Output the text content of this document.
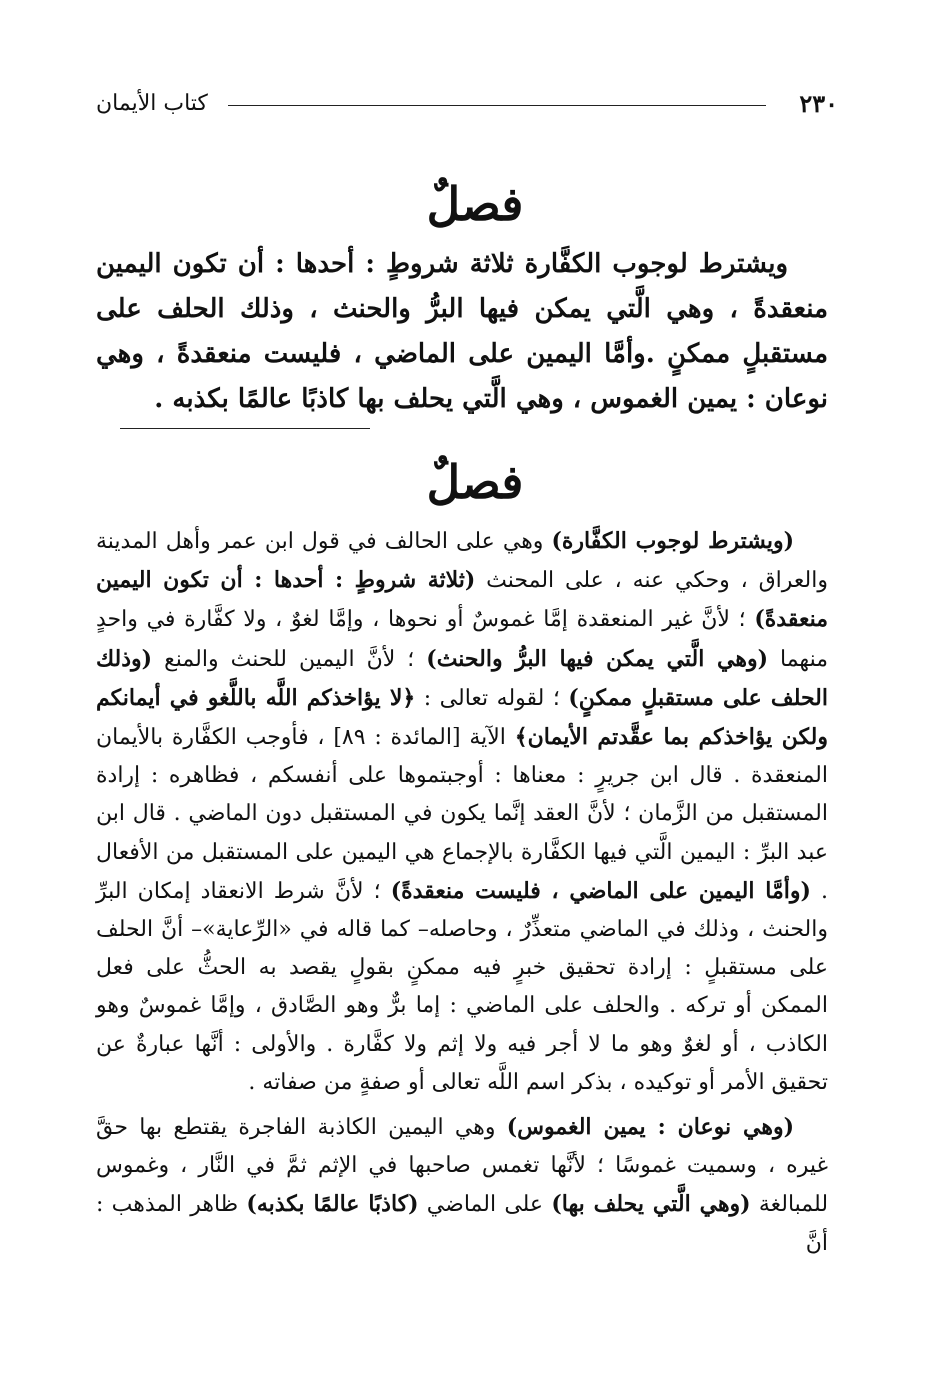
٢٣٠
كتاب الأيمان
فصلٌ

ويشترط لوجوب الكفَّارة ثلاثة شروطٍ : أحدها : أن تكون اليمين منعقدةً ، وهي الَّتي يمكن فيها البرُّ والحنث ، وذلك الحلف على مستقبلٍ ممكنٍ .وأمَّا اليمين على الماضي ، فليست منعقدةً ، وهي نوعان : يمين الغموس ، وهي الَّتي يحلف بها كاذبًا عالمًا بكذبه .

فصلٌ

(ويشترط لوجوب الكفَّارة) وهي على الحالف في قول ابن عمر وأهل المدينة والعراق ، وحكي عنه ، على المحنث (ثلاثة شروطٍ : أحدها : أن تكون اليمين منعقدةً) ؛ لأنَّ غير المنعقدة إمَّا غموسٌ أو نحوها ، وإمَّا لغوٌ ، ولا كفَّارة في واحدٍ منهما (وهي الَّتي يمكن فيها البرُّ والحنث) ؛ لأنَّ اليمين للحنث والمنع (وذلك الحلف على مستقبلٍ ممكنٍ) ؛ لقوله تعالى : ﴿لا يؤاخذكم اللَّه باللَّغو في أيمانكم ولكن يؤاخذكم بما عقَّدتم الأيمان﴾ الآية [المائدة : ٨٩] ، فأوجب الكفَّارة بالأيمان المنعقدة . قال ابن جريرٍ : معناها : أوجبتموها على أنفسكم ، فظاهره : إرادة المستقبل من الزَّمان ؛ لأنَّ العقد إنَّما يكون في المستقبل دون الماضي . قال ابن عبد البرِّ : اليمين الَّتي فيها الكفَّارة بالإجماع هي اليمين على المستقبل من الأفعال . (وأمَّا اليمين على الماضي ، فليست منعقدةً) ؛ لأنَّ شرط الانعقاد إمكان البرِّ والحنث ، وذلك في الماضي متعذِّرٌ ، وحاصله– كما قاله في «الرِّعاية»– أنَّ الحلف على مستقبلٍ : إرادة تحقيق خبرٍ فيه ممكنٍ بقولٍ يقصد به الحثُّ على فعل الممكن أو تركه . والحلف على الماضي : إما برٌّ وهو الصَّادق ، وإمَّا غموسٌ وهو الكاذب ، أو لغوٌ وهو ما لا أجر فيه ولا إثم ولا كفَّارة . والأولى : أنَّها عبارةٌ عن تحقيق الأمر أو توكيده ، بذكر اسم اللَّه تعالى أو صفةٍ من صفاته .

(وهي نوعان : يمين الغموس) وهي اليمين الكاذبة الفاجرة يقتطع بها حقَّ غيره ، وسميت غموسًا ؛ لأنَّها تغمس صاحبها في الإثم ثمَّ في النَّار ، وغموس للمبالغة (وهي الَّتي يحلف بها) على الماضي (كاذبًا عالمًا بكذبه) ظاهر المذهب : أنَّ
